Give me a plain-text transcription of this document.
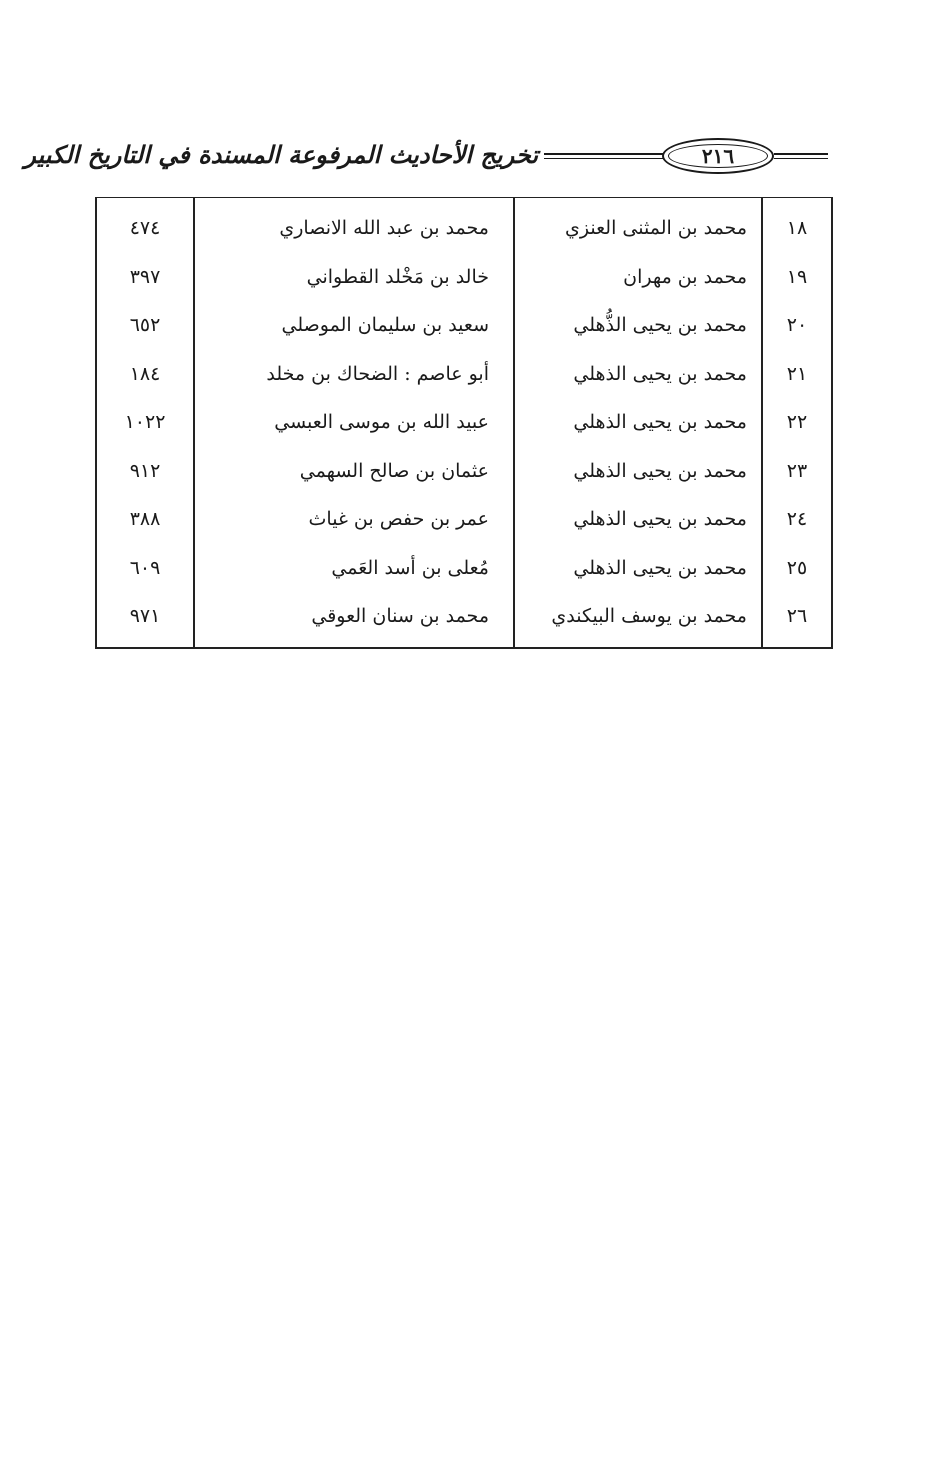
تخريج الأحاديث المرفوعة المسندة في التاريخ الكبير	٢١٦
٤٧٤	محمد بن عبد الله الانصاري	محمد بن المثنى العنزي	١٨
٣٩٧	خالد بن مَخْلد القطواني	محمد بن مهران	١٩
٦٥٢	سعيد بن سليمان الموصلي	محمد بن يحيى الذُّهلي	٢٠
١٨٤	أبو عاصم : الضحاك بن مخلد	محمد بن يحيى الذهلي	٢١
١٠٢٢	عبيد الله بن موسى العبسي	محمد بن يحيى الذهلي	٢٢
٩١٢	عثمان بن صالح السهمي	محمد بن يحيى الذهلي	٢٣
٣٨٨	عمر بن حفص بن غياث	محمد بن يحيى الذهلي	٢٤
٦٠٩	مُعلى بن أسد العَمي	محمد بن يحيى الذهلي	٢٥
٩٧١	محمد بن سنان العوقي	محمد بن يوسف البيكندي	٢٦
